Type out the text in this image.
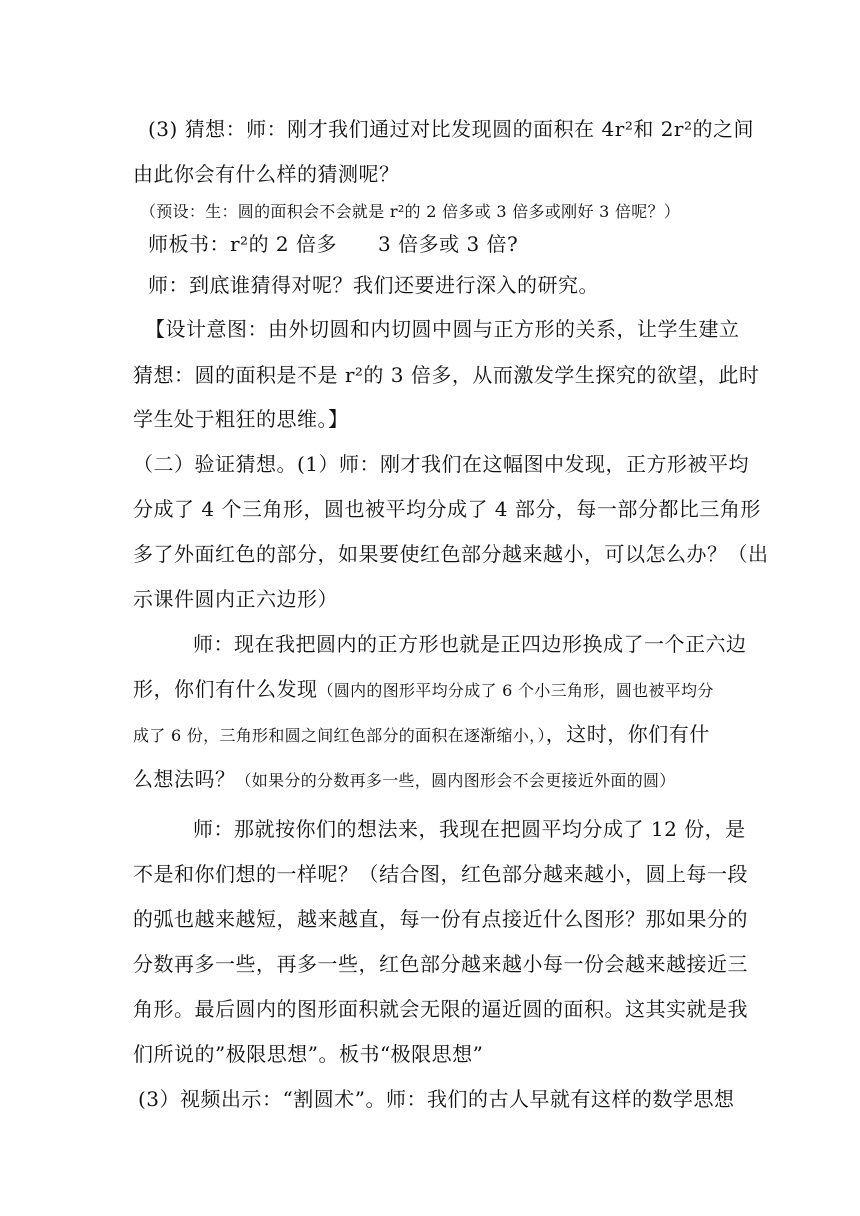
(3) 猜想：师：刚才我们通过对比发现圆的面积在 4r²和 2r²的之间
由此你会有什么样的猜测呢？
（预设：生：圆的面积会不会就是 r²的 2 倍多或 3 倍多或刚好 3 倍呢？）
师板书：r²的 2 倍多　　3 倍多或 3 倍?
师：到底谁猜得对呢？我们还要进行深入的研究。
【设计意图：由外切圆和内切圆中圆与正方形的关系，让学生建立
猜想：圆的面积是不是 r²的 3 倍多，从而激发学生探究的欲望，此时
学生处于粗狂的思维。】
（二）验证猜想。(1）师：刚才我们在这幅图中发现，正方形被平均
分成了 4 个三角形，圆也被平均分成了 4 部分，每一部分都比三角形
多了外面红色的部分，如果要使红色部分越来越小，可以怎么办？（出
示课件圆内正六边形）
师：现在我把圆内的正方形也就是正四边形换成了一个正六边
形，你们有什么发现（圆内的图形平均分成了 6 个小三角形，圆也被平均分
成了 6 份，三角形和圆之间红色部分的面积在逐渐缩小，），这时，你们有什
么想法吗？（如果分的分数再多一些，圆内图形会不会更接近外面的圆）
师：那就按你们的想法来，我现在把圆平均分成了 12 份，是
不是和你们想的一样呢？（结合图，红色部分越来越小，圆上每一段
的弧也越来越短，越来越直，每一份有点接近什么图形？那如果分的
分数再多一些，再多一些，红色部分越来越小每一份会越来越接近三
角形。最后圆内的图形面积就会无限的逼近圆的面积。这其实就是我
们所说的”极限思想”。板书“极限思想”
(3）视频出示：“割圆术”。师：我们的古人早就有这样的数学思想
